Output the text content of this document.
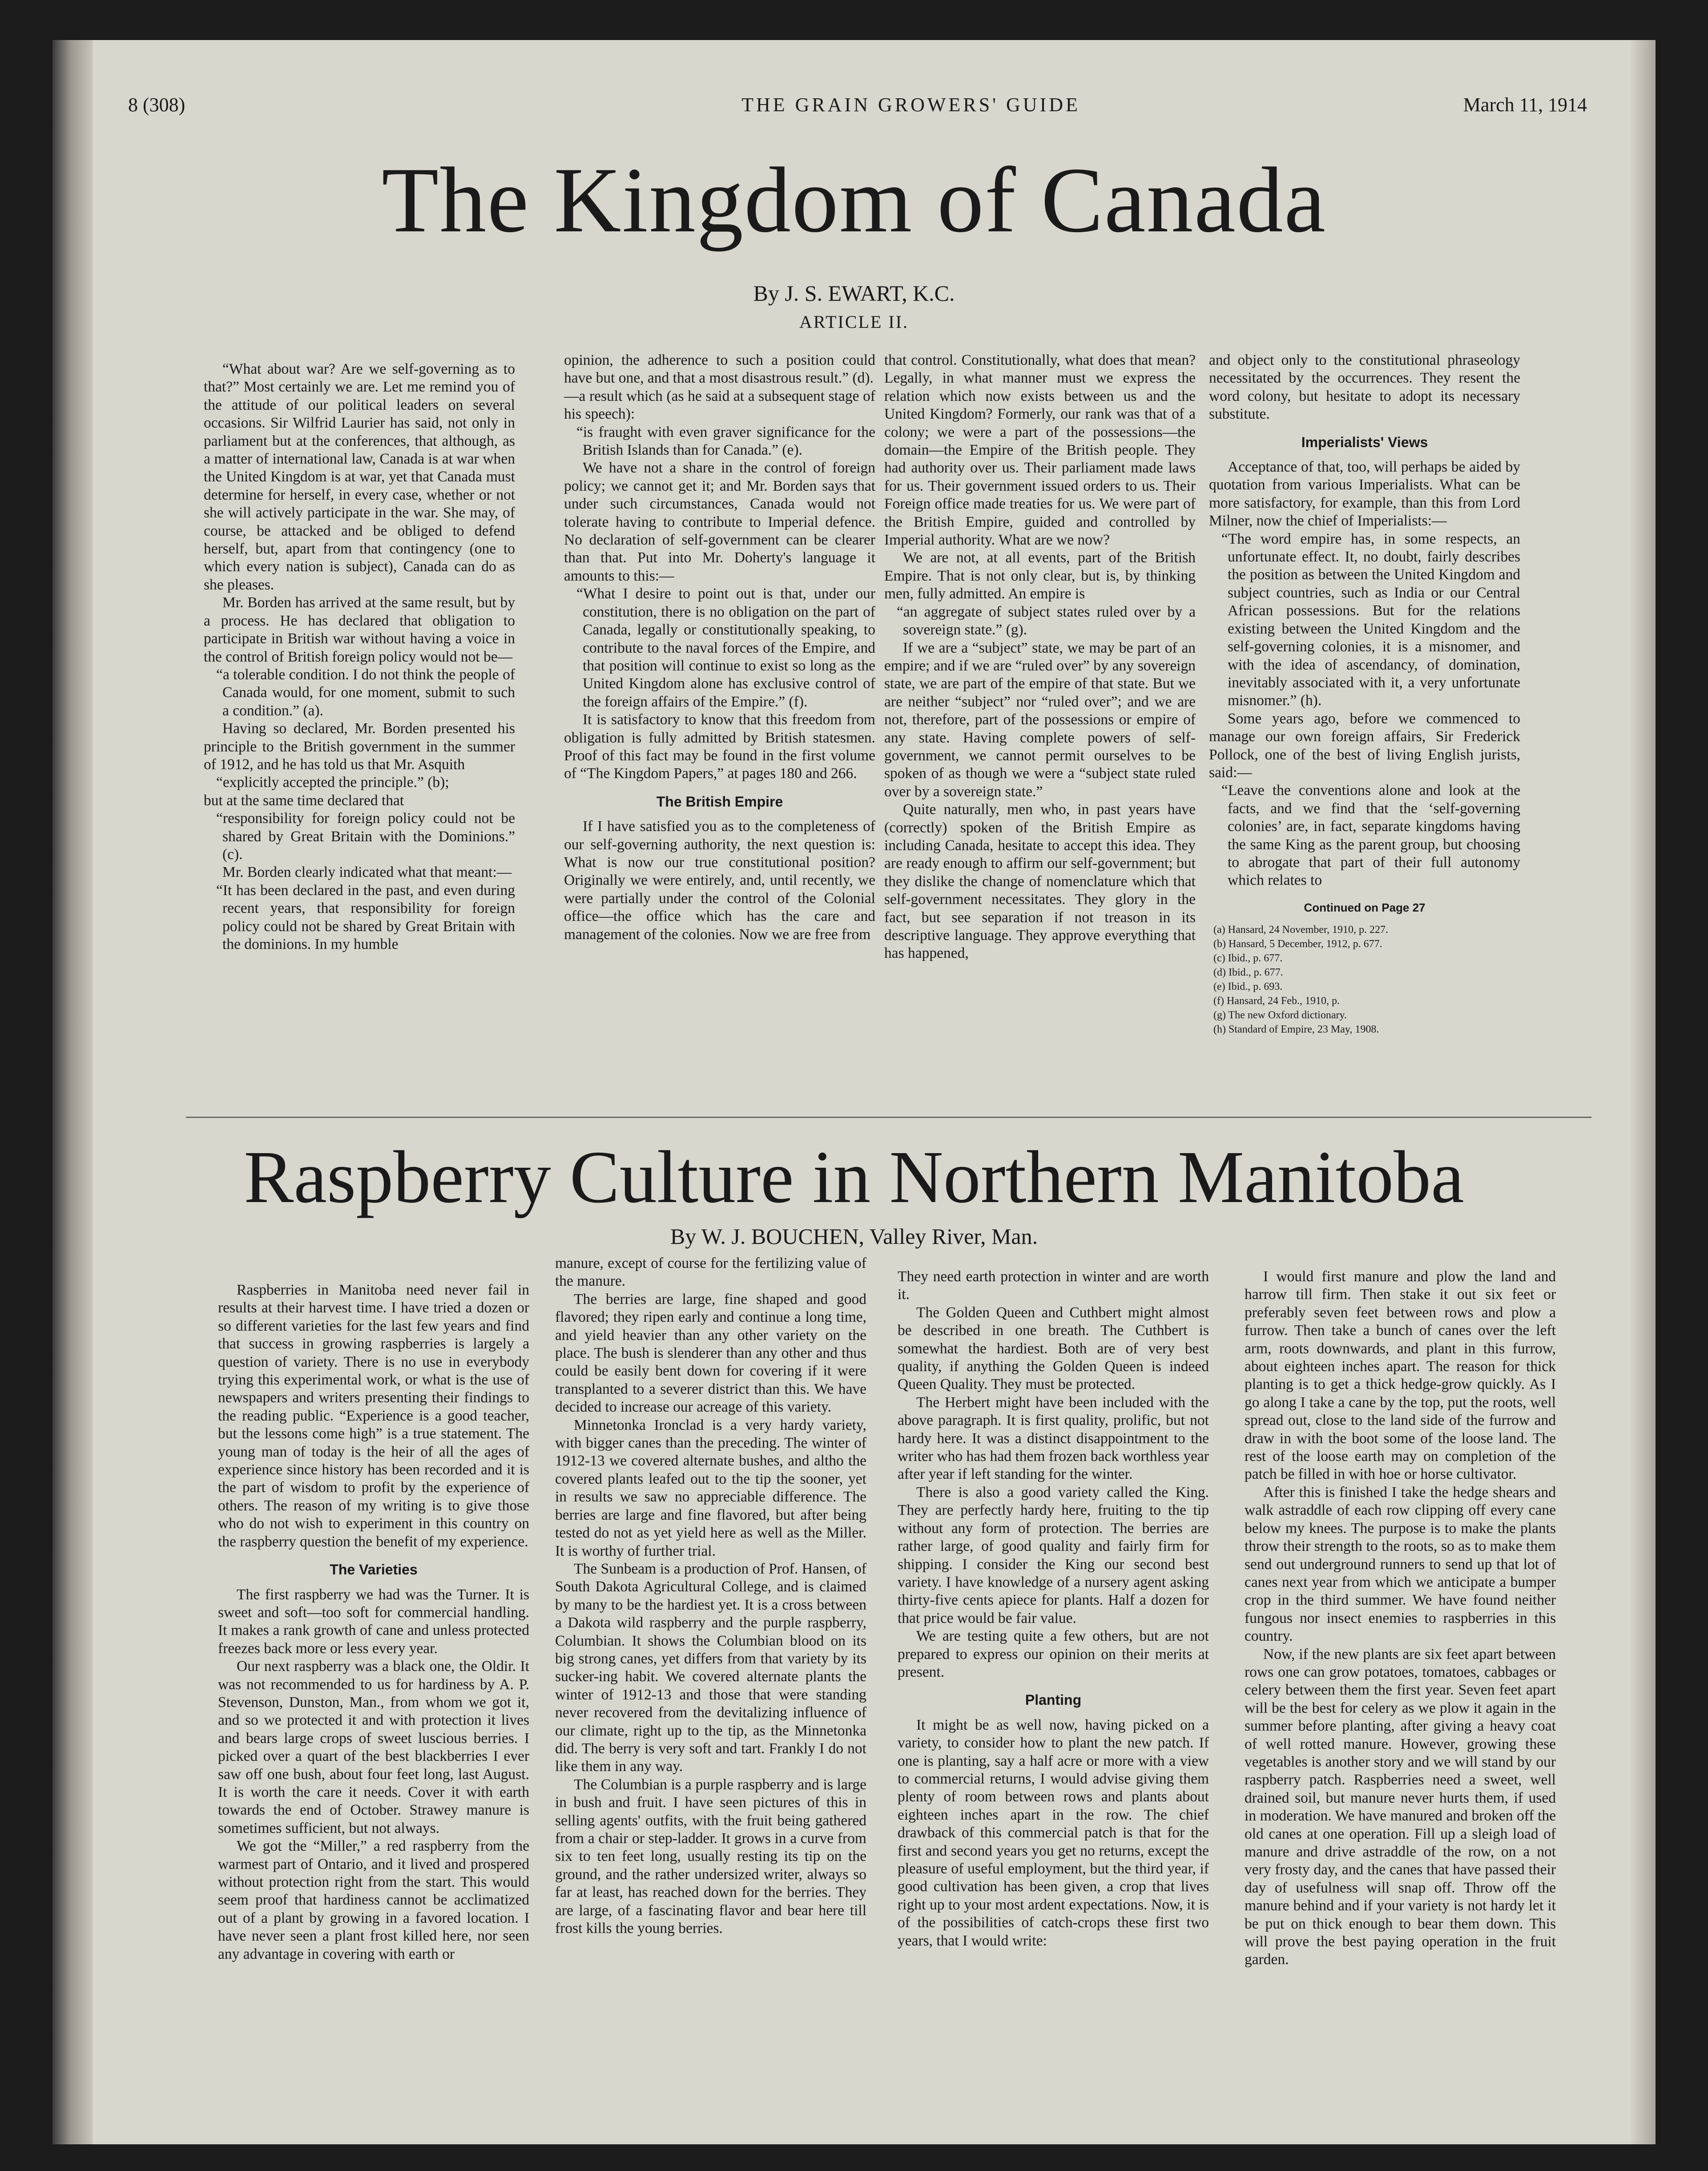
8 (308)	THE GRAIN GROWERS' GUIDE	March 11, 1914
The Kingdom of Canada
By J. S. EWART, K.C.
ARTICLE II.

“What about war? Are we self-governing as to that?” Most certainly we are. Let me remind you of the attitude of our political leaders on several occasions. Sir Wilfrid Laurier has said, not only in parliament but at the conferences, that although, as a matter of international law, Canada is at war when the United Kingdom is at war, yet that Canada must determine for herself, in every case, whether or not she will actively participate in the war. She may, of course, be attacked and be obliged to defend herself, but, apart from that contingency (one to which every nation is subject), Canada can do as she pleases.

Mr. Borden has arrived at the same result, but by a process. He has declared that obligation to participate in British war without having a voice in the control of British foreign policy would not be—

“a tolerable condition. I do not think the people of Canada would, for one moment, submit to such a condition.” (a).

Having so declared, Mr. Borden presented his principle to the British government in the summer of 1912, and he has told us that Mr. Asquith

“explicitly accepted the principle.” (b);

but at the same time declared that

“responsibility for foreign policy could not be shared by Great Britain with the Dominions.” (c).

Mr. Borden clearly indicated what that meant:—

“It has been declared in the past, and even during recent years, that responsibility for foreign policy could not be shared by Great Britain with the dominions. In my humble

opinion, the adherence to such a position could have but one, and that a most disastrous result.” (d).

—a result which (as he said at a subsequent stage of his speech):

“is fraught with even graver significance for the British Islands than for Canada.” (e).

We have not a share in the control of foreign policy; we cannot get it; and Mr. Borden says that under such circumstances, Canada would not tolerate having to contribute to Imperial defence. No declaration of self-government can be clearer than that. Put into Mr. Doherty's language it amounts to this:—

“What I desire to point out is that, under our constitution, there is no obligation on the part of Canada, legally or constitutionally speaking, to contribute to the naval forces of the Empire, and that position will continue to exist so long as the United Kingdom alone has exclusive control of the foreign affairs of the Empire.” (f).

It is satisfactory to know that this freedom from obligation is fully admitted by British statesmen. Proof of this fact may be found in the first volume of “The Kingdom Papers,” at pages 180 and 266.

The British Empire

If I have satisfied you as to the completeness of our self-governing authority, the next question is: What is now our true constitutional position? Originally we were entirely, and, until recently, we were partially under the control of the Colonial office—the office which has the care and management of the colonies. Now we are free from

that control. Constitutionally, what does that mean? Legally, in what manner must we express the relation which now exists between us and the United Kingdom? Formerly, our rank was that of a colony; we were a part of the possessions—the domain—the Empire of the British people. They had authority over us. Their parliament made laws for us. Their government issued orders to us. Their Foreign office made treaties for us. We were part of the British Empire, guided and controlled by Imperial authority. What are we now?

We are not, at all events, part of the British Empire. That is not only clear, but is, by thinking men, fully admitted. An empire is

“an aggregate of subject states ruled over by a sovereign state.” (g).

If we are a “subject” state, we may be part of an empire; and if we are “ruled over” by any sovereign state, we are part of the empire of that state. But we are neither “subject” nor “ruled over”; and we are not, therefore, part of the possessions or empire of any state. Having complete powers of self-government, we cannot permit ourselves to be spoken of as though we were a “subject state ruled over by a sovereign state.”

Quite naturally, men who, in past years have (correctly) spoken of the British Empire as including Canada, hesitate to accept this idea. They are ready enough to affirm our self-government; but they dislike the change of nomenclature which that self-government necessitates. They glory in the fact, but see separation if not treason in its descriptive language. They approve everything that has happened,

and object only to the constitutional phraseology necessitated by the occurrences. They resent the word colony, but hesitate to adopt its necessary substitute.

Imperialists' Views

Acceptance of that, too, will perhaps be aided by quotation from various Imperialists. What can be more satisfactory, for example, than this from Lord Milner, now the chief of Imperialists:—

“The word empire has, in some respects, an unfortunate effect. It, no doubt, fairly describes the position as between the United Kingdom and subject countries, such as India or our Central African possessions. But for the relations existing between the United Kingdom and the self-governing colonies, it is a misnomer, and with the idea of ascendancy, of domination, inevitably associated with it, a very unfortunate misnomer.” (h).

Some years ago, before we commenced to manage our own foreign affairs, Sir Frederick Pollock, one of the best of living English jurists, said:—

“Leave the conventions alone and look at the facts, and we find that the ‘self-governing colonies’ are, in fact, separate kingdoms having the same King as the parent group, but choosing to abrogate that part of their full autonomy which relates to

Continued on Page 27

(a) Hansard, 24 November, 1910, p. 227.

(b) Hansard, 5 December, 1912, p. 677.

(c) Ibid., p. 677.

(d) Ibid., p. 677.

(e) Ibid., p. 693.

(f) Hansard, 24 Feb., 1910, p.

(g) The new Oxford dictionary.

(h) Standard of Empire, 23 May, 1908.

Raspberry Culture in Northern Manitoba
By W. J. BOUCHEN, Valley River, Man.

Raspberries in Manitoba need never fail in results at their harvest time. I have tried a dozen or so different varieties for the last few years and find that success in growing raspberries is largely a question of variety. There is no use in everybody trying this experimental work, or what is the use of newspapers and writers presenting their findings to the reading public. “Experience is a good teacher, but the lessons come high” is a true statement. The young man of today is the heir of all the ages of experience since history has been recorded and it is the part of wisdom to profit by the experience of others. The reason of my writing is to give those who do not wish to experiment in this country on the raspberry question the benefit of my experience.

The Varieties

The first raspberry we had was the Turner. It is sweet and soft—too soft for commercial handling. It makes a rank growth of cane and unless protected freezes back more or less every year.

Our next raspberry was a black one, the Oldir. It was not recommended to us for hardiness by A. P. Stevenson, Dunston, Man., from whom we got it, and so we protected it and with protection it lives and bears large crops of sweet luscious berries. I picked over a quart of the best blackberries I ever saw off one bush, about four feet long, last August. It is worth the care it needs. Cover it with earth towards the end of October. Strawey manure is sometimes sufficient, but not always.

We got the “Miller,” a red raspberry from the warmest part of Ontario, and it lived and prospered without protection right from the start. This would seem proof that hardiness cannot be acclimatized out of a plant by growing in a favored location. I have never seen a plant frost killed here, nor seen any advantage in covering with earth or

manure, except of course for the fertilizing value of the manure.

The berries are large, fine shaped and good flavored; they ripen early and continue a long time, and yield heavier than any other variety on the place. The bush is slenderer than any other and thus could be easily bent down for covering if it were transplanted to a severer district than this. We have decided to increase our acreage of this variety.

Minnetonka Ironclad is a very hardy variety, with bigger canes than the preceding. The winter of 1912-13 we covered alternate bushes, and altho the covered plants leafed out to the tip the sooner, yet in results we saw no appreciable difference. The berries are large and fine flavored, but after being tested do not as yet yield here as well as the Miller. It is worthy of further trial.

The Sunbeam is a production of Prof. Hansen, of South Dakota Agricultural College, and is claimed by many to be the hardiest yet. It is a cross between a Dakota wild raspberry and the purple raspberry, Columbian. It shows the Columbian blood on its big strong canes, yet differs from that variety by its sucker-ing habit. We covered alternate plants the winter of 1912-13 and those that were standing never recovered from the devitalizing influence of our climate, right up to the tip, as the Minnetonka did. The berry is very soft and tart. Frankly I do not like them in any way.

The Columbian is a purple raspberry and is large in bush and fruit. I have seen pictures of this in selling agents' outfits, with the fruit being gathered from a chair or step-ladder. It grows in a curve from six to ten feet long, usually resting its tip on the ground, and the rather undersized writer, always so far at least, has reached down for the berries. They are large, of a fascinating flavor and bear here till frost kills the young berries.

They need earth protection in winter and are worth it.

The Golden Queen and Cuthbert might almost be described in one breath. The Cuthbert is somewhat the hardiest. Both are of very best quality, if anything the Golden Queen is indeed Queen Quality. They must be protected.

The Herbert might have been included with the above paragraph. It is first quality, prolific, but not hardy here. It was a distinct disappointment to the writer who has had them frozen back worthless year after year if left standing for the winter.

There is also a good variety called the King. They are perfectly hardy here, fruiting to the tip without any form of protection. The berries are rather large, of good quality and fairly firm for shipping. I consider the King our second best variety. I have knowledge of a nursery agent asking thirty-five cents apiece for plants. Half a dozen for that price would be fair value.

We are testing quite a few others, but are not prepared to express our opinion on their merits at present.

Planting

It might be as well now, having picked on a variety, to consider how to plant the new patch. If one is planting, say a half acre or more with a view to commercial returns, I would advise giving them plenty of room between rows and plants about eighteen inches apart in the row. The chief drawback of this commercial patch is that for the first and second years you get no returns, except the pleasure of useful employment, but the third year, if good cultivation has been given, a crop that lives right up to your most ardent expectations. Now, it is of the possibilities of catch-crops these first two years, that I would write:

I would first manure and plow the land and harrow till firm. Then stake it out six feet or preferably seven feet between rows and plow a furrow. Then take a bunch of canes over the left arm, roots downwards, and plant in this furrow, about eighteen inches apart. The reason for thick planting is to get a thick hedge-grow quickly. As I go along I take a cane by the top, put the roots, well spread out, close to the land side of the furrow and draw in with the boot some of the loose land. The rest of the loose earth may on completion of the patch be filled in with hoe or horse cultivator.

After this is finished I take the hedge shears and walk astraddle of each row clipping off every cane below my knees. The purpose is to make the plants throw their strength to the roots, so as to make them send out underground runners to send up that lot of canes next year from which we anticipate a bumper crop in the third summer. We have found neither fungous nor insect enemies to raspberries in this country.

Now, if the new plants are six feet apart between rows one can grow potatoes, tomatoes, cabbages or celery between them the first year. Seven feet apart will be the best for celery as we plow it again in the summer before planting, after giving a heavy coat of well rotted manure. However, growing these vegetables is another story and we will stand by our raspberry patch. Raspberries need a sweet, well drained soil, but manure never hurts them, if used in moderation. We have manured and broken off the old canes at one operation. Fill up a sleigh load of manure and drive astraddle of the row, on a not very frosty day, and the canes that have passed their day of usefulness will snap off. Throw off the manure behind and if your variety is not hardy let it be put on thick enough to bear them down. This will prove the best paying operation in the fruit garden.
